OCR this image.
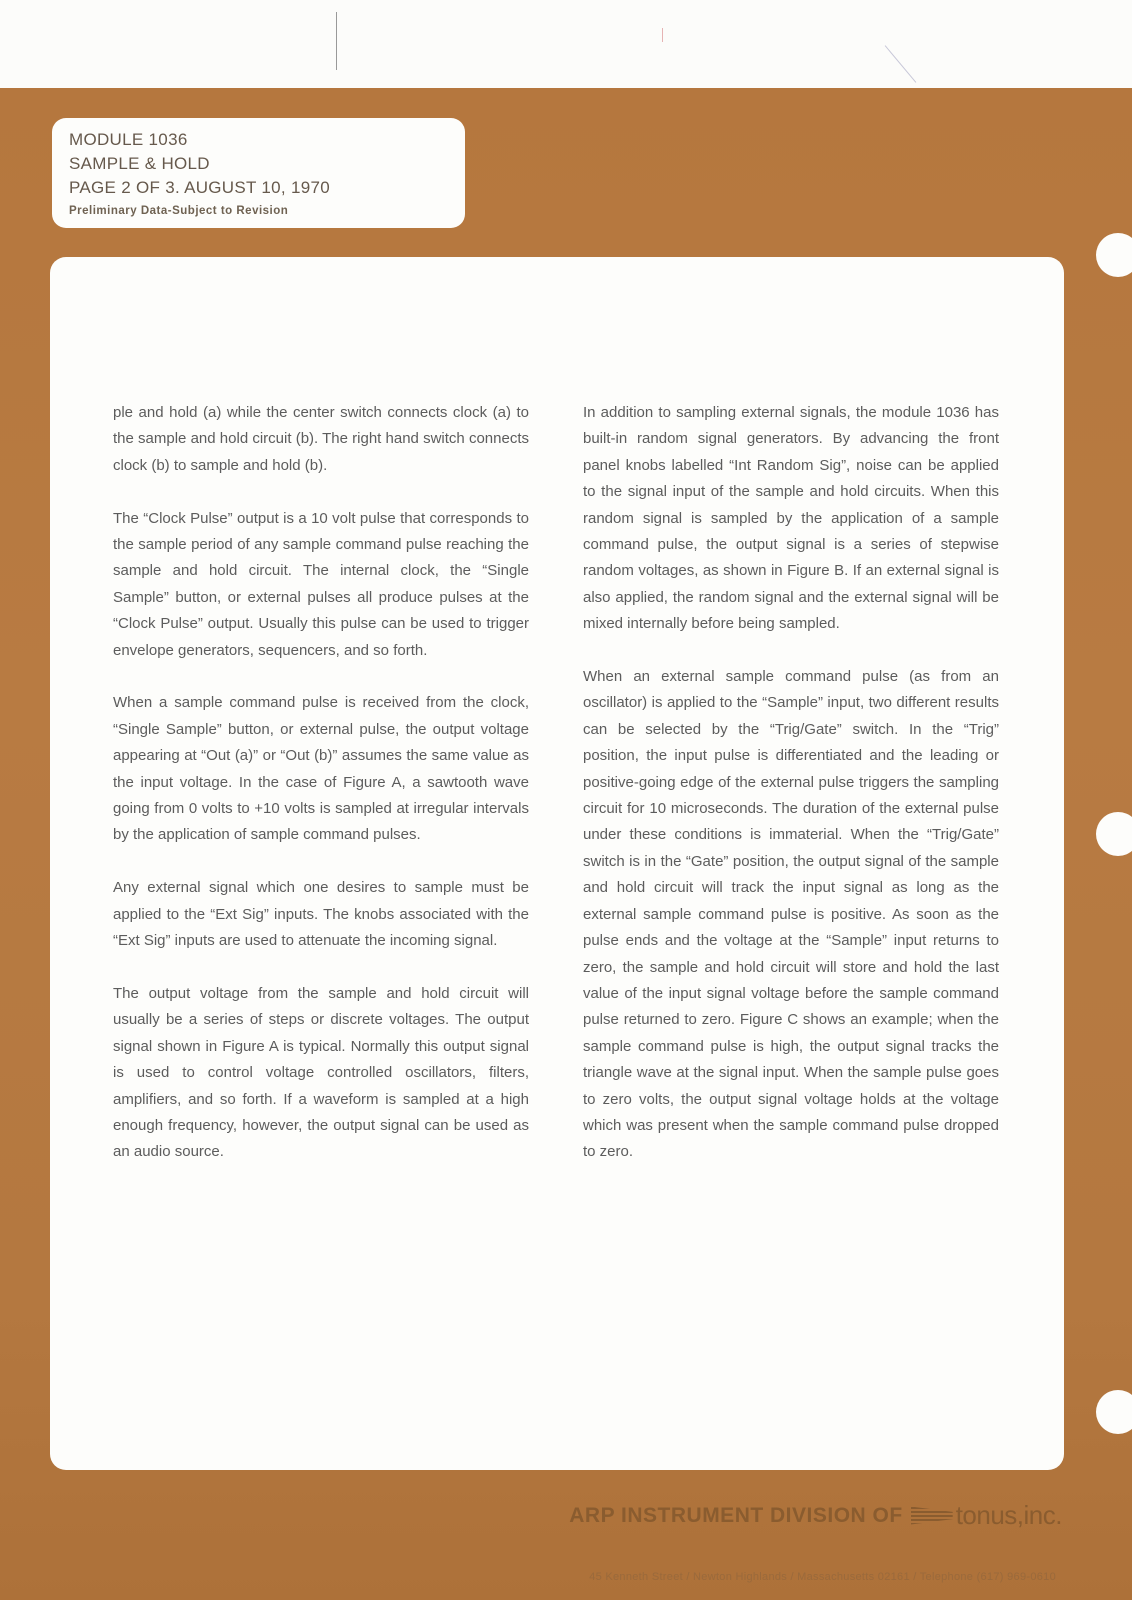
MODULE 1036
SAMPLE & HOLD
PAGE 2 OF 3. AUGUST 10, 1970
Preliminary Data-Subject to Revision

ple and hold (a) while the center switch connects clock (a) to the sample and hold circuit (b). The right hand switch connects clock (b) to sample and hold (b).

The “Clock Pulse” output is a 10 volt pulse that corresponds to the sample period of any sample command pulse reaching the sample and hold circuit. The internal clock, the “Single Sample” button, or external pulses all produce pulses at the “Clock Pulse” output. Usually this pulse can be used to trigger envelope generators, sequencers, and so forth.

When a sample command pulse is received from the clock, “Single Sample” button, or external pulse, the output voltage appearing at “Out (a)” or “Out (b)” assumes the same value as the input voltage. In the case of Figure A, a sawtooth wave going from 0 volts to +10 volts is sampled at irregular intervals by the application of sample command pulses.

Any external signal which one desires to sample must be applied to the “Ext Sig” inputs. The knobs associated with the “Ext Sig” inputs are used to attenuate the incoming signal.

The output voltage from the sample and hold circuit will usually be a series of steps or discrete voltages. The output signal shown in Figure A is typical. Normally this output signal is used to control voltage controlled oscillators, filters, amplifiers, and so forth. If a waveform is sampled at a high enough frequency, however, the output signal can be used as an audio source.

In addition to sampling external signals, the module 1036 has built-in random signal generators. By advancing the front panel knobs labelled “Int Random Sig”, noise can be applied to the signal input of the sample and hold circuits. When this random signal is sampled by the application of a sample command pulse, the output signal is a series of stepwise random voltages, as shown in Figure B. If an external signal is also applied, the random signal and the external signal will be mixed internally before being sampled.

When an external sample command pulse (as from an oscillator) is applied to the “Sample” input, two different results can be selected by the “Trig/Gate” switch. In the “Trig” position, the input pulse is differentiated and the leading or positive-going edge of the external pulse triggers the sampling circuit for 10 microseconds. The duration of the external pulse under these conditions is immaterial. When the “Trig/Gate” switch is in the “Gate” position, the output signal of the sample and hold circuit will track the input signal as long as the external sample command pulse is positive. As soon as the pulse ends and the voltage at the “Sample” input returns to zero, the sample and hold circuit will store and hold the last value of the input signal voltage before the sample command pulse returned to zero. Figure C shows an example; when the sample command pulse is high, the output signal tracks the triangle wave at the signal input. When the sample pulse goes to zero volts, the output signal voltage holds at the voltage which was present when the sample command pulse dropped to zero.

ARP INSTRUMENT DIVISION OF tonus,inc.
45 Kenneth Street / Newton Highlands / Massachusetts 02161 / Telephone (617) 969-0610
